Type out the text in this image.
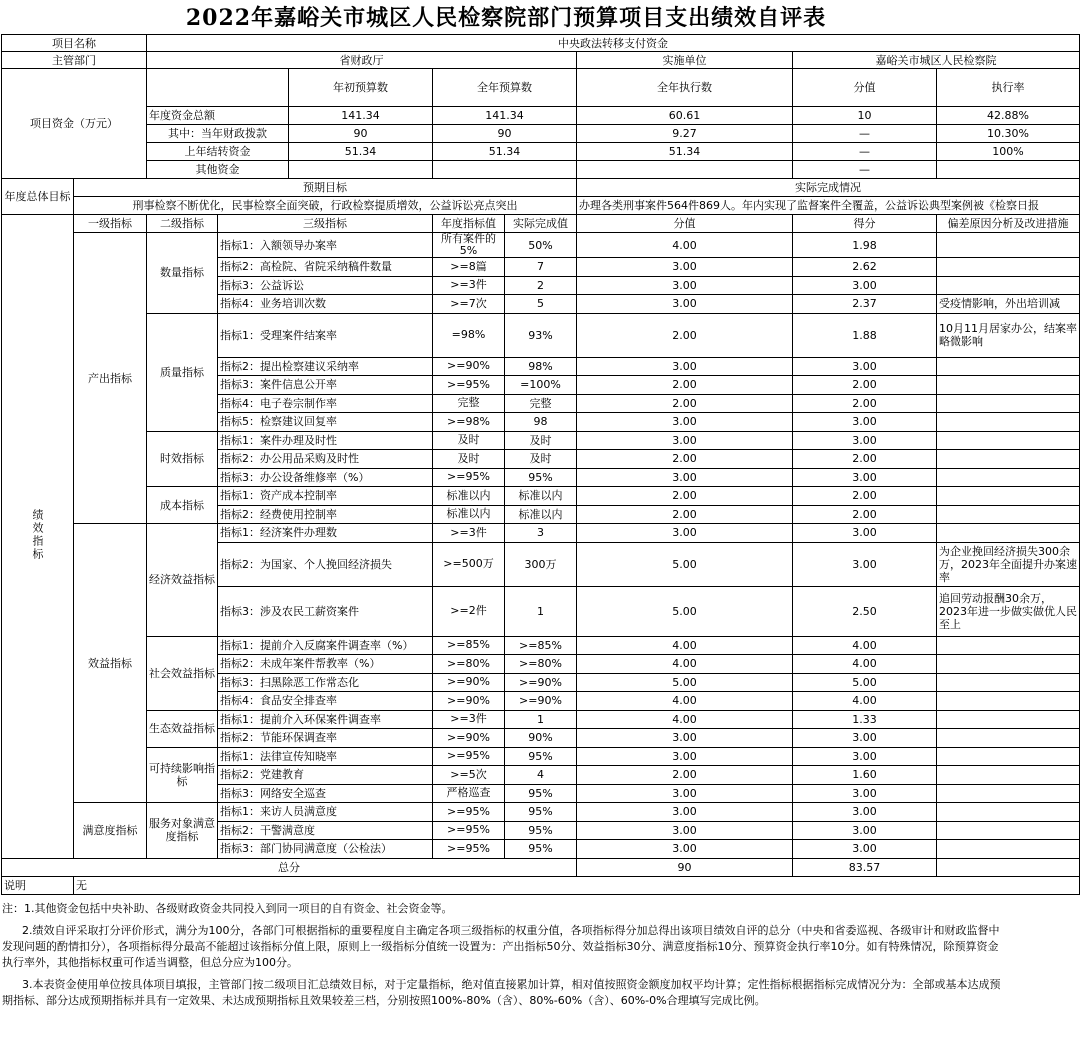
2022年嘉峪关市城区人民检察院部门预算项目支出绩效自评表
项目名称		中央政法转移支付资金								
主管部门		省财政厅					实施单位	嘉峪关市城区人民检察院		
项目资金（万元）				年初预算数	全年预算数		全年执行数	分值	执行率	
		年度资金总额		141.34	141.34		60.61	10	42.88%	
		其中：当年财政拨款		90	90		9.27	—	10.30%	
		上年结转资金		51.34	51.34		51.34	—	100%	
		其他资金						—		
年度总体目标	预期目标						实际完成情况			
	刑事检察不断优化，民事检察全面突破，行政检察提质增效，公益诉讼亮点突出						办理各类刑事案件564件869人。年内实现了监督案件全覆盖，公益诉讼典型案例被《检察日报			
绩效指标	一级指标	二级指标	三级指标		年度指标值	实际完成值	分值	得分	偏差原因分析及改进措施	
	产出指标	数量指标	指标1：入额领导办案率		所有案件的5%	50%	4.00	1.98		
			指标2：高检院、省院采纳稿件数量		>=8篇	7	3.00	2.62		
			指标3：公益诉讼		>=3件	2	3.00	3.00		
			指标4：业务培训次数		>=7次	5	3.00	2.37	受疫情影响，外出培训减	
		质量指标	指标1：受理案件结案率		=98%	93%	2.00	1.88	10月11月居家办公，结案率略微影响	
			指标2：提出检察建议采纳率		>=90%	98%	3.00	3.00		
			指标3：案件信息公开率		>=95%	=100%	2.00	2.00		
			指标4：电子卷宗制作率		完整	完整	2.00	2.00		
			指标5：检察建议回复率		>=98%	98	3.00	3.00		
		时效指标	指标1：案件办理及时性		及时	及时	3.00	3.00		
			指标2：办公用品采购及时性		及时	及时	2.00	2.00		
			指标3：办公设备维修率（%）		>=95%	95%	3.00	3.00		
		成本指标	指标1：资产成本控制率		标准以内	标准以内	2.00	2.00		
			指标2：经费使用控制率		标准以内	标准以内	2.00	2.00		
	效益指标	经济效益指标	指标1：经济案件办理数		>=3件	3	3.00	3.00		
			指标2：为国家、个人挽回经济损失		>=500万	300万	5.00	3.00	为企业挽回经济损失300余万，2023年全面提升办案速率	
			指标3：涉及农民工薪资案件		>=2件	1	5.00	2.50	追回劳动报酬30余万，2023年进一步做实做优人民至上	
		社会效益指标	指标1：提前介入反腐案件调查率（%）		>=85%	>=85%	4.00	4.00		
			指标2：未成年案件帮教率（%）		>=80%	>=80%	4.00	4.00		
			指标3：扫黑除恶工作常态化		>=90%	>=90%	5.00	5.00		
			指标4：食品安全排查率		>=90%	>=90%	4.00	4.00		
		生态效益指标	指标1：提前介入环保案件调查率		>=3件	1	4.00	1.33		
			指标2：节能环保调查率		>=90%	90%	3.00	3.00		
		可持续影响指标	指标1：法律宣传知晓率		>=95%	95%	3.00	3.00		
			指标2：党建教育		>=5次	4	2.00	1.60		
			指标3：网络安全巡查		严格巡查	95%	3.00	3.00		
	满意度指标	服务对象满意度指标	指标1：来访人员满意度		>=95%	95%	3.00	3.00		
			指标2：干警满意度		>=95%	95%	3.00	3.00		
			指标3：部门协同满意度（公检法）		>=95%	95%	3.00	3.00		
总分							90	83.57		
说明	无									

注：1.其他资金包括中央补助、各级财政资金共同投入到同一项目的自有资金、社会资金等。

2.绩效自评采取打分评价形式，满分为100分，各部门可根据指标的重要程度自主确定各项三级指标的权重分值，各项指标得分加总得出该项目绩效自评的总分（中央和省委巡视、各级审计和财政监督中发现问题的酌情扣分），各项指标得分最高不能超过该指标分值上限，原则上一级指标分值统一设置为：产出指标50分、效益指标30分、满意度指标10分、预算资金执行率10分。如有特殊情况，除预算资金执行率外，其他指标权重可作适当调整，但总分应为100分。

3.本表资金使用单位按具体项目填报，主管部门按二级项目汇总绩效目标，对于定量指标，绝对值直接累加计算，相对值按照资金额度加权平均计算；定性指标根据指标完成情况分为：全部或基本达成预期指标、部分达成预期指标并具有一定效果、未达成预期指标且效果较差三档，分别按照100%-80%（含）、80%-60%（含）、60%-0%合理填写完成比例。
